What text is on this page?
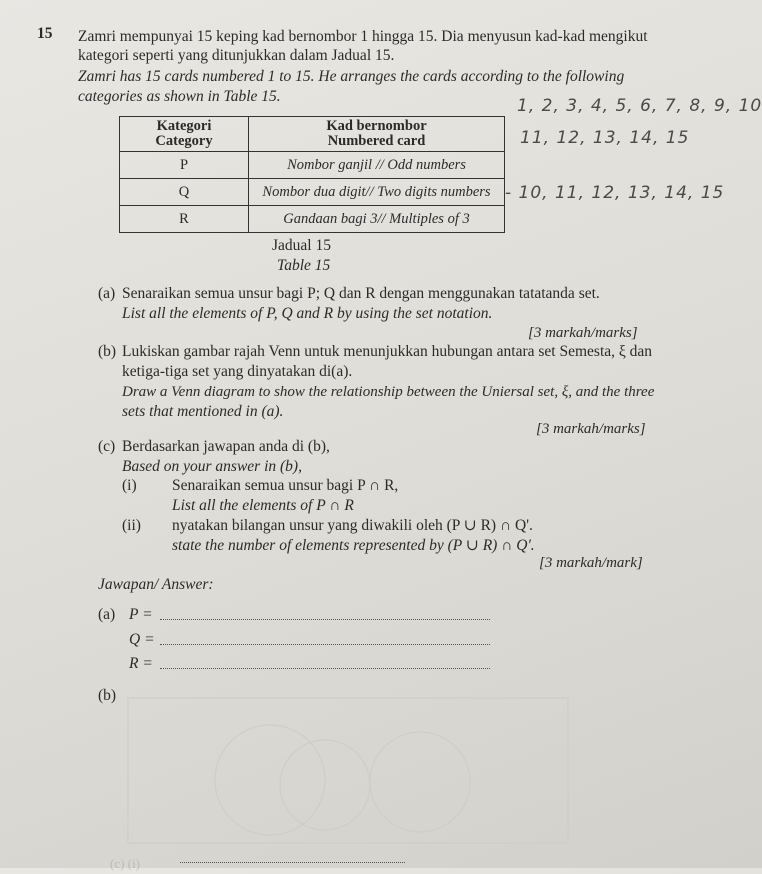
15 Zamri mempunyai 15 keping kad bernombor 1 hingga 15. Dia menyusun kad-kad mengikut
kategori seperti yang ditunjukkan dalam Jadual 15.
Zamri has 15 cards numbered 1 to 15. He arranges the cards according to the following
categories as shown in Table 15.
Kategori
Category	Kad bernombor
Numbered card
P	Nombor ganjil // Odd numbers
Q	Nombor dua digit// Two digits numbers
R	Gandaan bagi 3// Multiples of 3
Jadual 15
Table 15
1, 2, 3, 4, 5, 6, 7, 8, 9, 10
11, 12, 13, 14, 15
- 10, 11, 12, 13, 14, 15
(a) Senaraikan semua unsur bagi P; Q dan R dengan menggunakan tatatanda set.
List all the elements of P, Q and R by using the set notation.
[3 markah/marks]
(b) Lukiskan gambar rajah Venn untuk menunjukkan hubungan antara set Semesta, ξ dan
ketiga-tiga set yang dinyatakan di(a).
Draw a Venn diagram to show the relationship between the Uniersal set, ξ, and the three
sets that mentioned in (a).
[3 markah/marks]
(c) Berdasarkan jawapan anda di (b),
Based on your answer in (b),
(i) Senaraikan semua unsur bagi P ∩ R,
List all the elements of P ∩ R
(ii) nyatakan bilangan unsur yang diwakili oleh (P ∪ R) ∩ Q'.
state the number of elements represented by (P ∪ R) ∩ Q'.
[3 markah/mark]
Jawapan/ Answer:
(a) P =
Q =
R =
(b)
(c) (i)
